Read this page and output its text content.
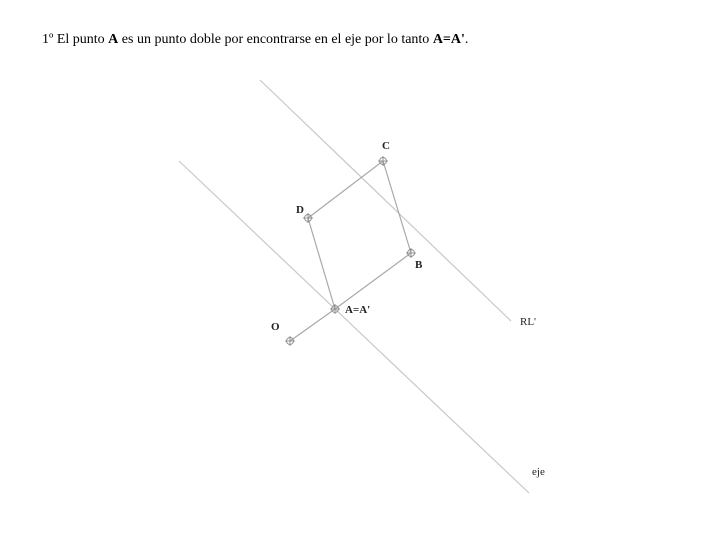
1º El punto A es un punto doble por encontrarse en el eje por lo tanto A=A'.
C
D
B
A=A'
O	RL'
eje
